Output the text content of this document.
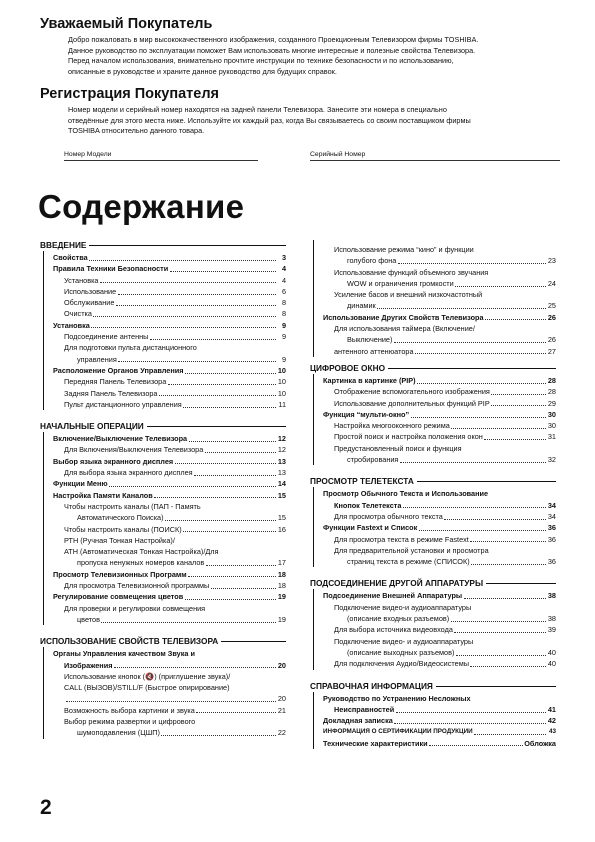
Уважаемый Покупатель

Добро пожаловать в мир высококачественного изображения, созданного Проекционным Телевизором фирмы TOSHIBA.
Данное руководство по эксплуатации поможет Вам использовать многие интересные и полезные свойства Телевизора.
Перед началом использования, внимательно прочтите инструкции по технике безопасности и по использованию,
описанные в руководстве и храните данное руководство для будущих справок.

Регистрация Покупателя

Номер модели и серийный номер находятся на задней панели Телевизора. Занесите эти номера в специально
отведённые для этого места ниже. Используйте их каждый раз, когда Вы связываетесь со своим поставщиком фирмы
TOSHIBA относительно данного товара.

Номер Модели	Серийный Номер
Содержание
ВВЕДЕНИЕ
Свойства	3
Правила Техники Безопасности	4
Установка	4
Использование	6
Обслуживание	8
Очистка	8
Установка	9
Подсоединение антенны	9
Для подготовки пульта дистанционного
управления	9
Расположение Органов Управления	10
Передняя Панель Телевизора	10
Задняя Панель Телевизора	10
Пульт дистанционного управления	11
НАЧАЛЬНЫЕ ОПЕРАЦИИ
Включение/Выключение Телевизора	12
Для Включения/Выключения Телевизора	12
Выбор языка экранного дисплея	13
Для выбора языка экранного дисплея	13
Функции Меню	14
Настройка Памяти Каналов	15
Чтобы настроить каналы (ПАП - Память
Автоматического Поиска)	15
Чтобы настроить каналы (ПОИСК)	16
РТН (Ручная Тонкая Настройка)/
АТН (Автоматическая Тонкая Настройка)/Для
пропуска ненужных номеров каналов	17
Просмотр Телевизионных Программ	18
Для просмотра Телевизионной программы	18
Регулирование совмещения цветов	19
Для проверки и регулировки совмещения
цветов	19
ИСПОЛЬЗОВАНИЕ СВОЙСТВ ТЕЛЕВИЗОРА
Органы Управления качеством Звука и
Изображения	20
Использование кнопок (🔇) (приглушение звука)/
CALL (ВЫЗОВ)/STILL/F (Быстрое опирирование)
20
Возможность выбора картинки и звука	21
Выбор режима развертки и цифрового
шумоподавления (ЦШП)	22
Использование режима “кино” и функции
голубого фона	23
Использование функций объемного звучания
WOW и ограничения громкости	24
Усиление басов и внешний низкочастотный
динамик	25
Использование Других Свойств Телевизора	26
Для использования таймера (Включение/
Выключение)	26
антенного аттенюатора	27
ЦИФРОВОЕ ОКНО
Картинка в картинке (PIP)	28
Отображение вспомогательного изображения	28
Использование дополнительных функций PIP	29
Функция “мульти-окно”	30
Настройка многооконного режима	30
Простой поиск и настройка положения окон	31
Предустановленный поиск и функция
стробирования	32
ПРОСМОТР ТЕЛЕТЕКСТА
Просмотр Обычного Текста и Использование
Кнопок Телетекста	34
Для просмотра обычного текста	34
Функции Fastext и Список	36
Для просмотра текста в режиме Fastext	36
Для предварительной установки и просмотра
страниц текста в режиме (СПИСОК)	36
ПОДСОЕДИНЕНИЕ ДРУГОЙ АППАРАТУРЫ
Подсоединение Внешней Аппаратуры	38
Подключение видео-и аудиоаппаратуры
(описание входных разъемов)	38
Для выбора источника видеовхода	39
Подключение видео- и аудиоаппаратуры
(описание выходных разъемов)	40
Для подключения Аудио/Видеосистемы	40
СПРАВОЧНАЯ ИНФОРМАЦИЯ
Руководство по Устранению Несложных
Неисправностей	41
Докладная записка	42
ИНФОРМАЦИЯ О СЕРТИФИКАЦИИ ПРОДУКЦИИ	43
Технические характеристики	Обложка
2
